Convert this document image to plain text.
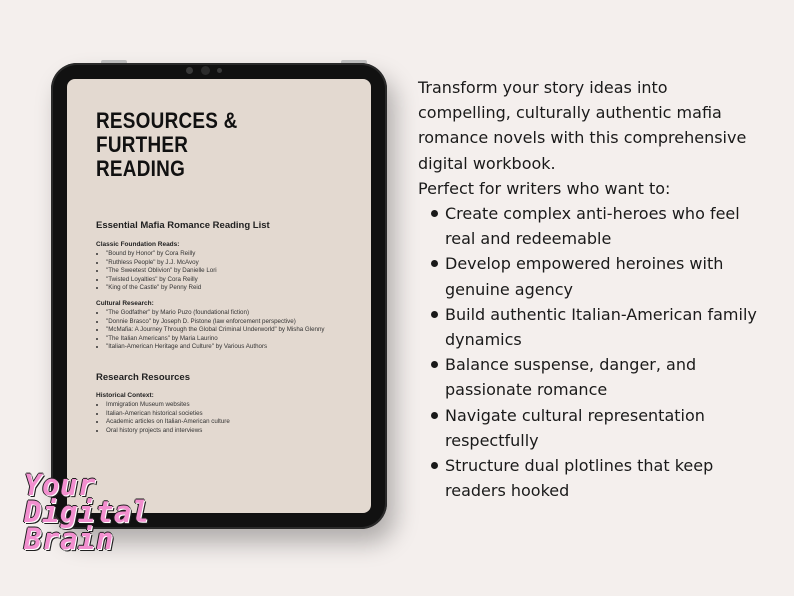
RESOURCES &
FURTHER
READING
Essential Mafia Romance Reading List
Classic Foundation Reads:
• "Bound by Honor" by Cora Reilly
• "Ruthless People" by J.J. McAvoy
• "The Sweetest Oblivion" by Danielle Lori
• "Twisted Loyalties" by Cora Reilly
• "King of the Castle" by Penny Reid
Cultural Research:
• "The Godfather" by Mario Puzo (foundational fiction)
• "Donnie Brasco" by Joseph D. Pistone (law enforcement perspective)
• "McMafia: A Journey Through the Global Criminal Underworld" by Misha Glenny
• "The Italian Americans" by Maria Laurino
• "Italian-American Heritage and Culture" by Various Authors
Research Resources
Historical Context:
• Immigration Museum websites
• Italian-American historical societies
• Academic articles on Italian-American culture
• Oral history projects and interviews

Transform your story ideas into
compelling, culturally authentic mafia
romance novels with this comprehensive
digital workbook.
Perfect for writers who want to:

Create complex anti-heroes who feel real and redeemable
Develop empowered heroines with genuine agency
Build authentic Italian-American family dynamics
Balance suspense, danger, and passionate romance
Navigate cultural representation respectfully
Structure dual plotlines that keep readers hooked

Your
Digital
Brain
